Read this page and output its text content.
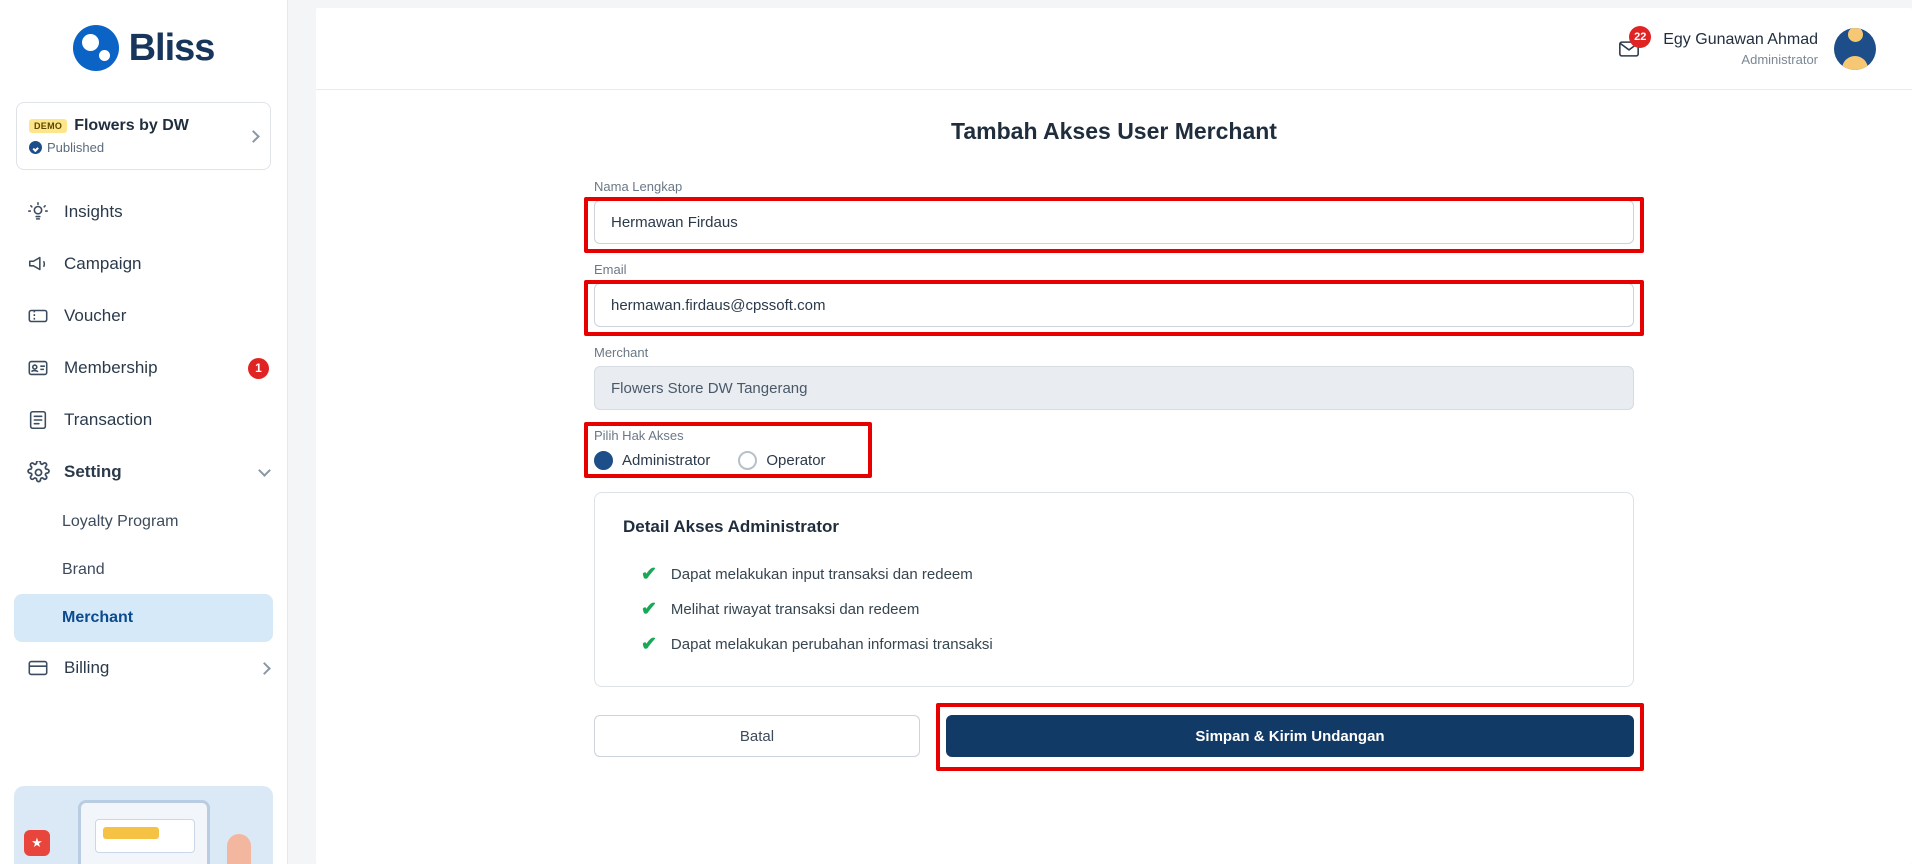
Bliss
DEMO Flowers by DW
Published
Insights
Campaign
Voucher
Membership	1
Transaction
Setting
Loyalty Program
Brand
Merchant
Billing
★
22	Egy Gunawan Ahmad
Administrator
Tambah Akses User Merchant
Nama Lengkap
Hermawan Firdaus
Email
hermawan.firdaus@cpssoft.com
Merchant
Flowers Store DW Tangerang
Pilih Hak Akses
Administrator	Operator
Detail Akses Administrator
✔ Dapat melakukan input transaksi dan redeem
✔ Melihat riwayat transaksi dan redeem
✔ Dapat melakukan perubahan informasi transaksi
Batal	Simpan & Kirim Undangan
